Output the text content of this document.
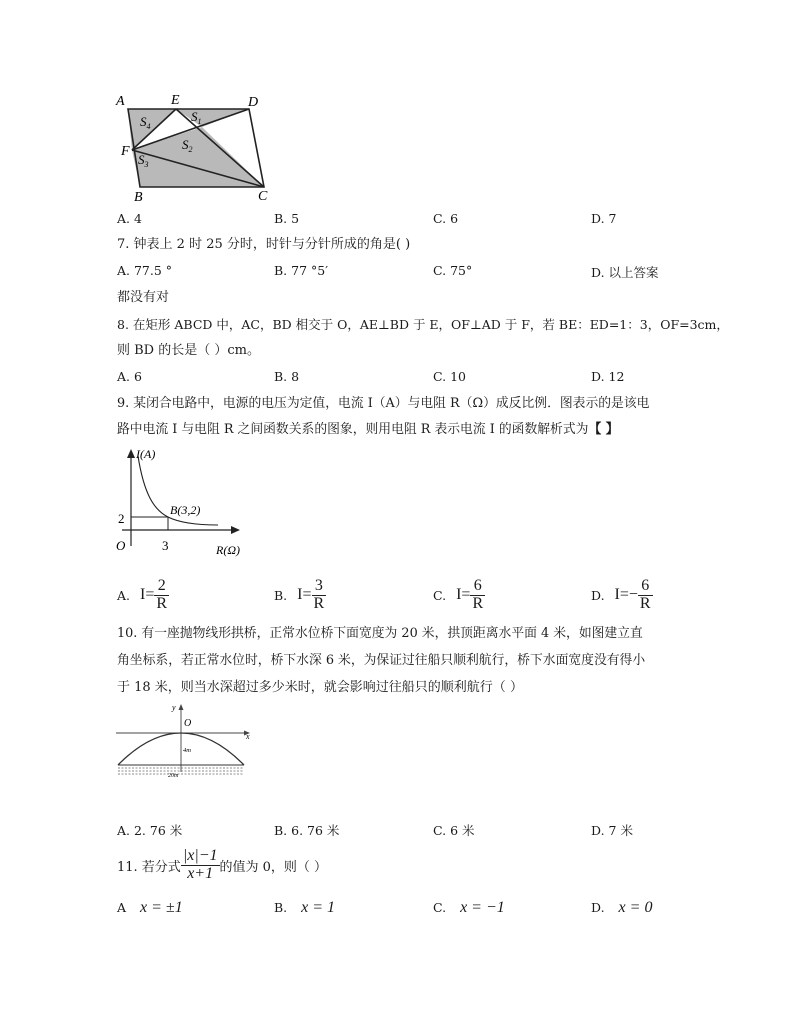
A	E	D
F
B	C
$S_1$
$S_2$
$S_3$
$S_4$
A. 4	B. 5	C. 6	D. 7
7. 钟表上 2 时 25 分时，时针与分针所成的角是( )
A. 77.5 °	B. 77 °5′	C. 75°	D. 以上答案
都没有对
8. 在矩形 ABCD 中，AC，BD 相交于 O，AE⊥BD 于 E，OF⊥AD 于 F，若 BE：ED=1：3，OF=3cm，
则 BD 的长是（ ）cm。
A. 6	B. 8	C. 10	D. 12
9. 某闭合电路中，电源的电压为定值，电流 I（A）与电阻 R（Ω）成反比例．图表示的是该电
路中电流 I 与电阻 R 之间函数关系的图象，则用电阻 R 表示电流 I 的函数解析式为【 】
I(A)
R(Ω)
O
2
3
B(3,2)
A. $I= \frac{2}{R}$	B. $I= \frac{3}{R}$	C. $I= \frac{6}{R}$	D. $I=- \frac{6}{R}$
10. 有一座抛物线形拱桥，正常水位桥下面宽度为 20 米，拱顶距离水平面 4 米，如图建立直
角坐标系，若正常水位时，桥下水深 6 米，为保证过往船只顺利航行，桥下水面宽度没有得小
于 18 米，则当水深超过多少米时，就会影响过往船只的顺利航行（ ）
y
x
O
4m
20m
A. 2. 76 米	B. 6. 76 米	C. 6 米	D. 7 米
11. 若分式 $\frac{|x|-1}{x+1}$ 的值为 0，则（ ）
A x = ±1	B. x = 1	C. x = −1	D. x = 0
